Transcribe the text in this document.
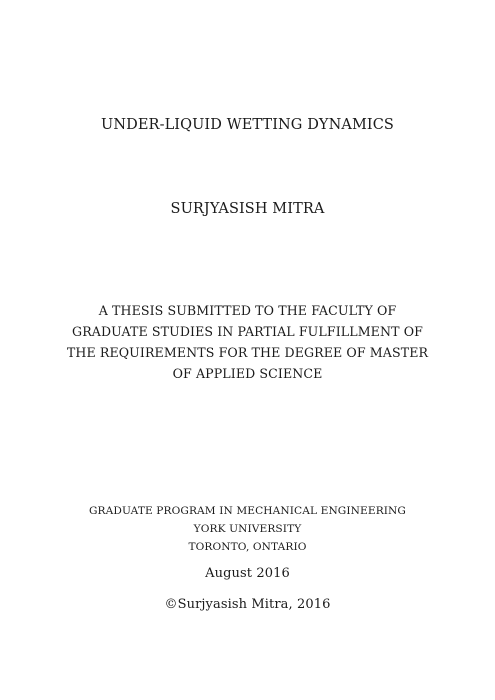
UNDER-LIQUID WETTING DYNAMICS
SURJYASISH MITRA
A THESIS SUBMITTED TO THE FACULTY OF
GRADUATE STUDIES IN PARTIAL FULFILLMENT OF
THE REQUIREMENTS FOR THE DEGREE OF MASTER
OF APPLIED SCIENCE
GRADUATE PROGRAM IN MECHANICAL ENGINEERING
YORK UNIVERSITY
TORONTO, ONTARIO
August 2016
©Surjyasish Mitra, 2016
